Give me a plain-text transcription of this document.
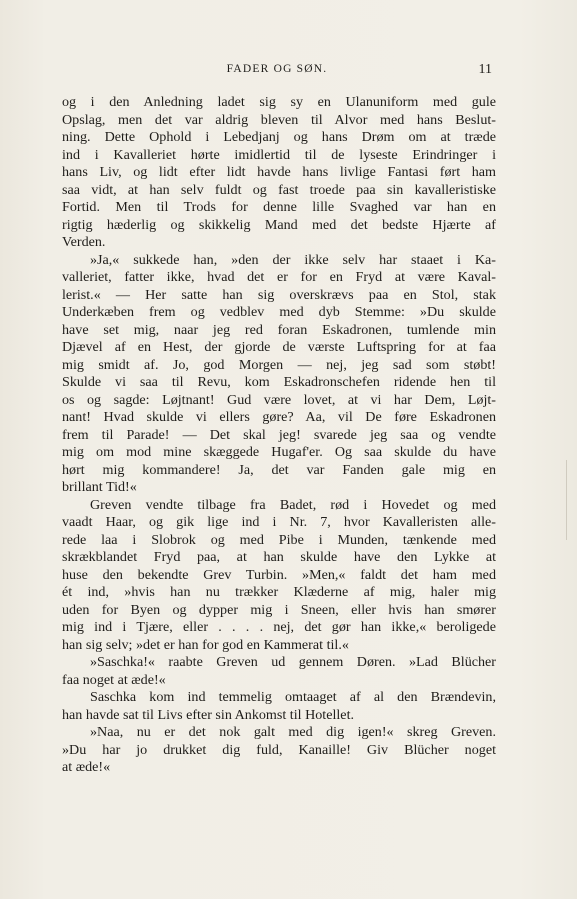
FADER OG SØN.	11
og i den Anledning ladet sig sy en Ulanuniform med gule
Opslag, men det var aldrig bleven til Alvor med hans Beslut-
ning. Dette Ophold i Lebedjanj og hans Drøm om at træde
ind i Kavalleriet hørte imidlertid til de lyseste Erindringer i
hans Liv, og lidt efter lidt havde hans livlige Fantasi ført ham
saa vidt, at han selv fuldt og fast troede paa sin kavalleristiske
Fortid. Men til Trods for denne lille Svaghed var han en
rigtig hæderlig og skikkelig Mand med det bedste Hjærte af
Verden.
»Ja,« sukkede han, »den der ikke selv har staaet i Ka-
valleriet, fatter ikke, hvad det er for en Fryd at være Kaval-
lerist.« — Her satte han sig overskrævs paa en Stol, stak
Underkæben frem og vedblev med dyb Stemme: »Du skulde
have set mig, naar jeg red foran Eskadronen, tumlende min
Djævel af en Hest, der gjorde de værste Luftspring for at faa
mig smidt af. Jo, god Morgen — nej, jeg sad som støbt!
Skulde vi saa til Revu, kom Eskadronschefen ridende hen til
os og sagde: Løjtnant! Gud være lovet, at vi har Dem, Løjt-
nant! Hvad skulde vi ellers gøre? Aa, vil De føre Eskadronen
frem til Parade! — Det skal jeg! svarede jeg saa og vendte
mig om mod mine skæggede Hugaf'er. Og saa skulde du have
hørt mig kommandere! Ja, det var Fanden gale mig en
brillant Tid!«
Greven vendte tilbage fra Badet, rød i Hovedet og med
vaadt Haar, og gik lige ind i Nr. 7, hvor Kavalleristen alle-
rede laa i Slobrok og med Pibe i Munden, tænkende med
skrækblandet Fryd paa, at han skulde have den Lykke at
huse den bekendte Grev Turbin. »Men,« faldt det ham med
ét ind, »hvis han nu trækker Klæderne af mig, haler mig
uden for Byen og dypper mig i Sneen, eller hvis han smører
mig ind i Tjære, eller . . . . nej, det gør han ikke,« beroligede
han sig selv; »det er han for god en Kammerat til.«
»Saschka!« raabte Greven ud gennem Døren. »Lad Blücher
faa noget at æde!«
Saschka kom ind temmelig omtaaget af al den Brændevin,
han havde sat til Livs efter sin Ankomst til Hotellet.
»Naa, nu er det nok galt med dig igen!« skreg Greven.
»Du har jo drukket dig fuld, Kanaille! Giv Blücher noget
at æde!«
